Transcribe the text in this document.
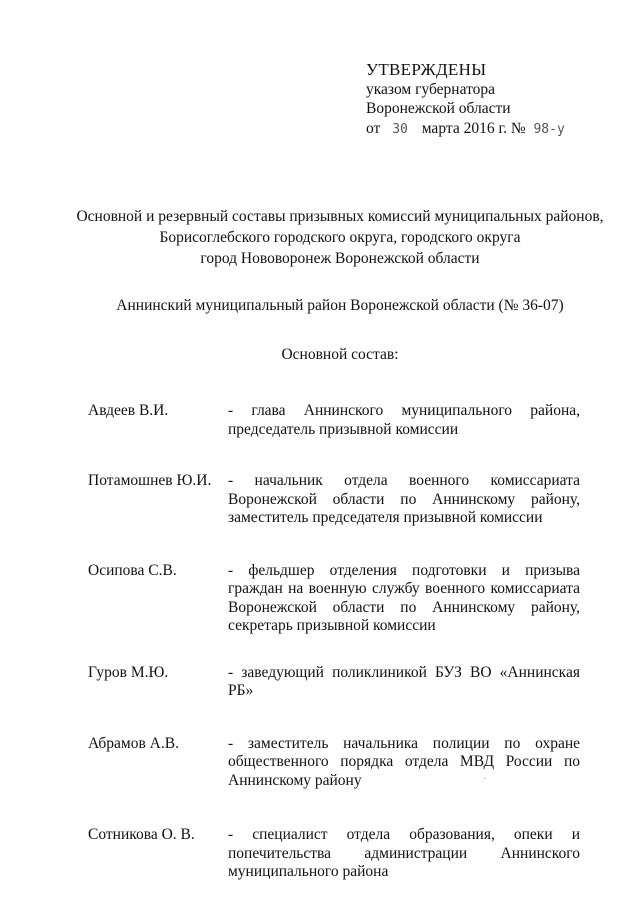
УТВЕРЖДЕНЫ
указом губернатора
Воронежской области
от 30 марта 2016 г. № 98-у
Основной и резервный составы призывных комиссий муниципальных районов,
Борисоглебского городского округа, городского округа
город Нововоронеж Воронежской области
Аннинский муниципальный район Воронежской области (№ 36-07)
Основной состав:
Авдеев В.И.	- глава Аннинского муниципального района, председатель призывной комиссии
Потамошнев Ю.И.	- начальник отдела военного комиссариата Воронежской области по Аннинскому району, заместитель председателя призывной комиссии
Осипова С.В.	- фельдшер отделения подготовки и призыва граждан на военную службу военного комиссариата Воронежской области по Аннинскому району, секретарь призывной комиссии
Гуров М.Ю.	- заведующий поликлиникой БУЗ ВО «Аннинская РБ»
Абрамов А.В.	- заместитель начальника полиции по охране общественного порядка отдела МВД России по Аннинскому району
Сотникова О. В.	- специалист отдела образования, опеки и попечительства администрации Аннинского муниципального района
